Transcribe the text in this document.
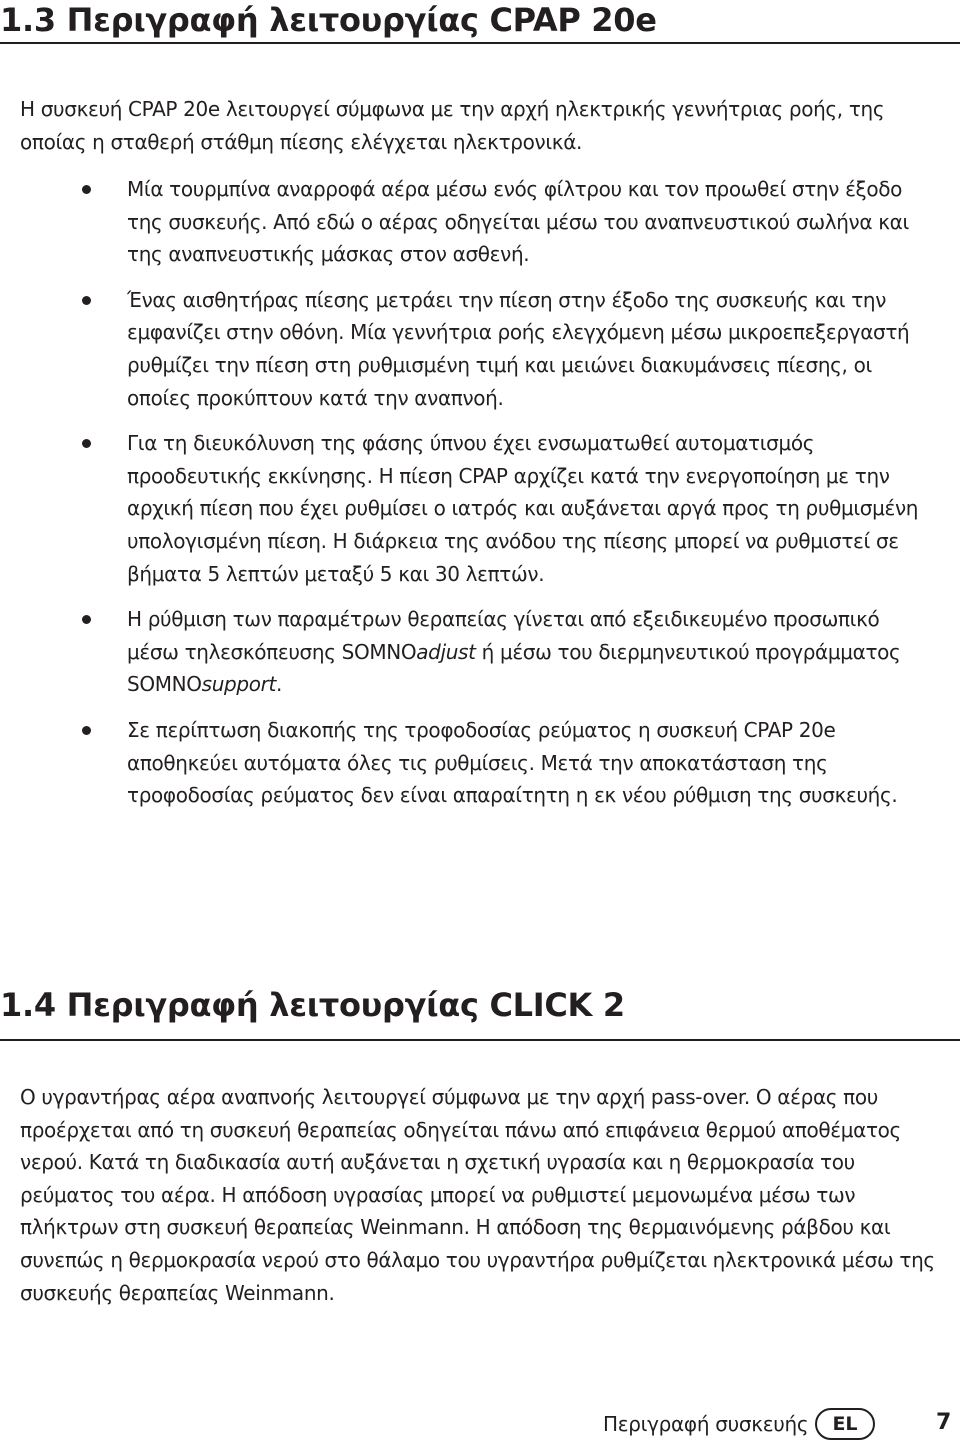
1.3 Περιγραφή λειτουργίας CPAP 20e

Η συσκευή CPAP 20e λειτουργεί σύμφωνα με την αρχή ηλεκτρικής γεννήτριας ροής, της οποίας η σταθερή στάθμη πίεσης ελέγχεται ηλεκτρονικά.

Μία τουρμπίνα αναρροφά αέρα μέσω ενός φίλτρου και τον προωθεί στην έξοδο της συσκευής. Από εδώ ο αέρας οδηγείται μέσω του αναπνευστικού σωλήνα και της αναπνευστικής μάσκας στον ασθενή.
Ένας αισθητήρας πίεσης μετράει την πίεση στην έξοδο της συσκευής και την εμφανίζει στην οθόνη. Μία γεννήτρια ροής ελεγχόμενη μέσω μικροεπεξεργαστή ρυθμίζει την πίεση στη ρυθμισμένη τιμή και μειώνει διακυμάνσεις πίεσης, οι οποίες προκύπτουν κατά την αναπνοή.
Για τη διευκόλυνση της φάσης ύπνου έχει ενσωματωθεί αυτοματισμός προοδευτικής εκκίνησης. Η πίεση CPAP αρχίζει κατά την ενεργοποίηση με την αρχική πίεση που έχει ρυθμίσει ο ιατρός και αυξάνεται αργά προς τη ρυθμισμένη υπολογισμένη πίεση. Η διάρκεια της ανόδου της πίεσης μπορεί να ρυθμιστεί σε βήματα 5 λεπτών μεταξύ 5 και 30 λεπτών.
Η ρύθμιση των παραμέτρων θεραπείας γίνεται από εξειδικευμένο προσωπικό μέσω τηλεσκόπευσης SOMNOadjust ή μέσω του διερμηνευτικού προγράμματος SOMNOsupport.
Σε περίπτωση διακοπής της τροφοδοσίας ρεύματος η συσκευή CPAP 20e αποθηκεύει αυτόματα όλες τις ρυθμίσεις. Μετά την αποκατάσταση της τροφοδοσίας ρεύματος δεν είναι απαραίτητη η εκ νέου ρύθμιση της συσκευής.
1.4 Περιγραφή λειτουργίας CLICK 2

Ο υγραντήρας αέρα αναπνοής λειτουργεί σύμφωνα με την αρχή pass-over. Ο αέρας που προέρχεται από τη συσκευή θεραπείας οδηγείται πάνω από επιφάνεια θερμού αποθέματος νερού. Κατά τη διαδικασία αυτή αυξάνεται η σχετική υγρασία και η θερμοκρασία του ρεύματος του αέρα. Η απόδοση υγρασίας μπορεί να ρυθμιστεί μεμονωμένα μέσω των πλήκτρων στη συσκευή θεραπείας Weinmann. Η απόδοση της θερμαινόμενης ράβδου και συνεπώς η θερμοκρασία νερού στο θάλαμο του υγραντήρα ρυθμίζεται ηλεκτρονικά μέσω της συσκευής θεραπείας Weinmann.

Περιγραφή συσκευής	EL	7
